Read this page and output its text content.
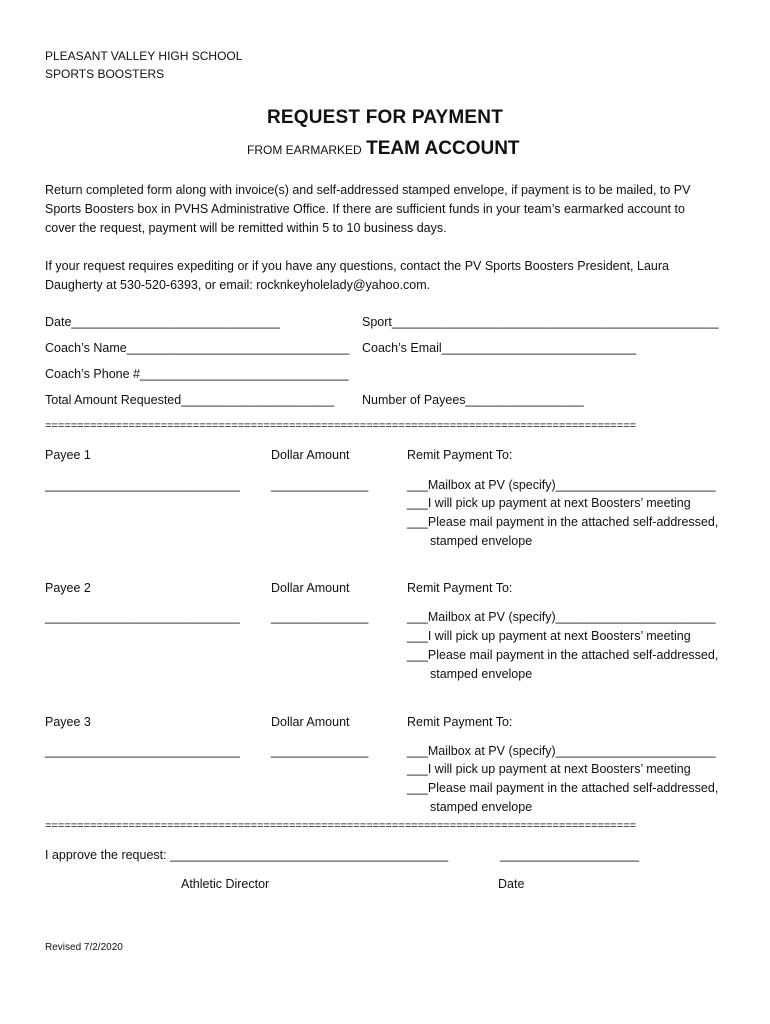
PLEASANT VALLEY HIGH SCHOOL
SPORTS BOOSTERS
REQUEST FOR PAYMENT
FROM EARMARKED TEAM ACCOUNT
Return completed form along with invoice(s) and self-addressed stamped envelope, if payment is to be mailed, to PV
Sports Boosters box in PVHS Administrative Office. If there are sufficient funds in your team’s earmarked account to
cover the request, payment will be remitted within 5 to 10 business days.
If your request requires expediting or if you have any questions, contact the PV Sports Boosters President, Laura
Daugherty at 530-520-6393, or email: rocknkeyholelady@yahoo.com.
Date______________________________	Sport_______________________________________________
Coach’s Name________________________________ Coach’s Email____________________________
Coach’s Phone #______________________________
Total Amount Requested______________________ Number of Payees_________________
============================================================================================
Payee 1	Dollar Amount	Remit Payment To:
____________________________	______________	___Mailbox at PV (specify)_______________________
___I will pick up payment at next Boosters’ meeting
___Please mail payment in the attached self-addressed,
stamped envelope
Payee 2	Dollar Amount	Remit Payment To:
____________________________	______________	___Mailbox at PV (specify)_______________________
___I will pick up payment at next Boosters’ meeting
___Please mail payment in the attached self-addressed,
stamped envelope
Payee 3	Dollar Amount	Remit Payment To:
____________________________	______________	___Mailbox at PV (specify)_______________________
___I will pick up payment at next Boosters’ meeting
___Please mail payment in the attached self-addressed,
stamped envelope
============================================================================================
I approve the request: ________________________________________	____________________
Athletic Director	Date
Revised 7/2/2020
